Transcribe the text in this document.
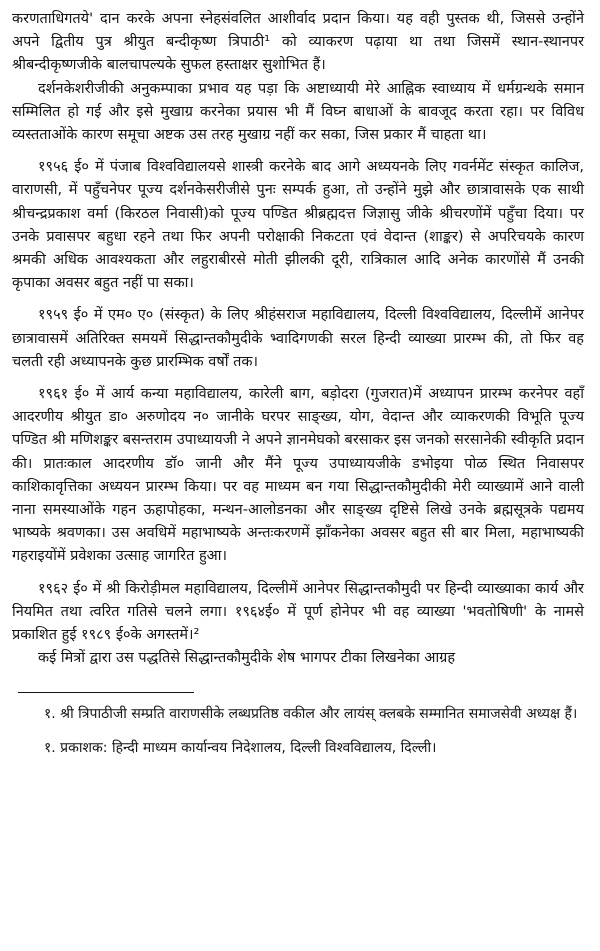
करणताधिगतये' दान करके अपना स्नेहसंवलित आशीर्वाद प्रदान किया। यह वही पुस्तक थी, जिससे उन्होंने अपने द्वितीय पुत्र श्रीयुत बन्दीकृष्ण त्रिपाठी¹ को व्याकरण पढ़ाया था तथा जिसमें स्थान-स्थानपर श्रीबन्दीकृष्णजीके बालचापल्यके सुफल हस्ताक्षर सुशोभित हैं।

दर्शनकेशरीजीकी अनुकम्पाका प्रभाव यह पड़ा कि अष्टाध्यायी मेरे आह्निक स्वाध्याय में धर्मग्रन्थके समान सम्मिलित हो गई और इसे मुखाग्र करनेका प्रयास भी मैं विघ्न बाधाओं के बावजूद करता रहा। पर विविध व्यस्तताओंके कारण समूचा अष्टक उस तरह मुखाग्र नहीं कर सका, जिस प्रकार मैं चाहता था।

१९५६ ई० में पंजाब विश्वविद्यालयसे शास्त्री करनेके बाद आगे अध्ययनके लिए गवर्नमेंट संस्कृत कालिज, वाराणसी, में पहुँचनेपर पूज्य दर्शनकेसरीजीसे पुनः सम्पर्क हुआ, तो उन्होंने मुझे और छात्रावासके एक साथी श्रीचन्द्रप्रकाश वर्मा (किरठल निवासी)को पूज्य पण्डित श्रीब्रह्मदत्त जिज्ञासु जीके श्रीचरणोंमें पहुँचा दिया। पर उनके प्रवासपर बहुधा रहने तथा फिर अपनी परोक्षाकी निकटता एवं वेदान्त (शाङ्कर) से अपरिचयके कारण श्रमकी अधिक आवश्यकता और लहुराबीरसे मोती झीलकी दूरी, रात्रिकाल आदि अनेक कारणोंसे मैं उनकी कृपाका अवसर बहुत नहीं पा सका।

१९५९ ई० में एम० ए० (संस्कृत) के लिए श्रीहंसराज महाविद्यालय, दिल्ली विश्वविद्यालय, दिल्लीमें आनेपर छात्रावासमें अतिरिक्त समयमें सिद्धान्तकौमुदीके भ्वादिगणकी सरल हिन्दी व्याख्या प्रारम्भ की, तो फिर वह चलती रही अध्यापनके कुछ प्रारम्भिक वर्षों तक।

१९६१ ई० में आर्य कन्या महाविद्यालय, कारेली बाग, बड़ोदरा (गुजरात)में अध्यापन प्रारम्भ करनेपर वहाँ आदरणीय श्रीयुत डा० अरुणोदय न० जानीके घरपर साङ्ख्य, योग, वेदान्त और व्याकरणकी विभूति पूज्य पण्डित श्री मणिशङ्कर बसन्तराम उपाध्यायजी ने अपने ज्ञानमेघको बरसाकर इस जनको सरसानेकी स्वीकृति प्रदान की। प्रातःकाल आदरणीय डॉ० जानी और मैंने पूज्य उपाध्यायजीके डभोइया पोळ स्थित निवासपर काशिकावृत्तिका अध्ययन प्रारम्भ किया। पर वह माध्यम बन गया सिद्धान्तकौमुदीकी मेरी व्याख्यामें आने वाली नाना समस्याओंके गहन ऊहापोहका, मन्थन-आलोडनका और साङ्ख्य दृष्टिसे लिखे उनके ब्रह्मसूत्रके पद्यमय भाष्यके श्रवणका। उस अवधिमें महाभाष्यके अन्तःकरणमें झाँकनेका अवसर बहुत सी बार मिला, महाभाष्यकी गहराइयोंमें प्रवेशका उत्साह जागरित हुआ।

१९६२ ई० में श्री किरोड़ीमल महाविद्यालय, दिल्लीमें आनेपर सिद्धान्तकौमुदी पर हिन्दी व्याख्याका कार्य और नियमित तथा त्वरित गतिसे चलने लगा। १९६४ई० में पूर्ण होनेपर भी वह व्याख्या 'भवतोषिणी' के नामसे प्रकाशित हुई १९८९ ई०के अगस्तमें।²

कई मित्रों द्वारा उस पद्धतिसे सिद्धान्तकौमुदीके शेष भागपर टीका लिखनेका आग्रह

१. श्री त्रिपाठीजी सम्प्रति वाराणसीके लब्धप्रतिष्ठ वकील और लायंस् क्लबके सम्मानित समाजसेवी अध्यक्ष हैं।

१. प्रकाशक: हिन्दी माध्यम कार्यान्वय निदेशालय, दिल्ली विश्वविद्यालय, दिल्ली।
